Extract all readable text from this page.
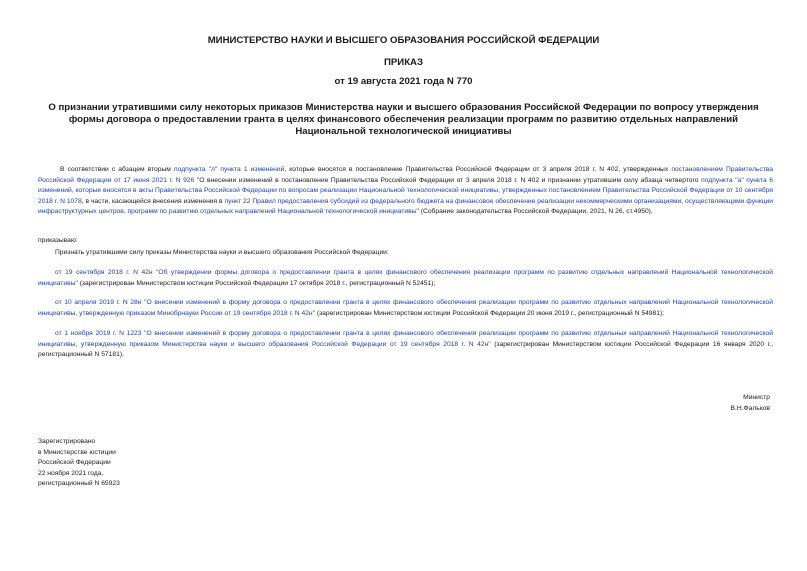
МИНИСТЕРСТВО НАУКИ И ВЫСШЕГО ОБРАЗОВАНИЯ РОССИЙСКОЙ ФЕДЕРАЦИИ
ПРИКАЗ
от 19 августа 2021 года N 770
О признании утратившими силу некоторых приказов Министерства науки и высшего образования Российской Федерации по вопросу утверждения формы договора о предоставлении гранта в целях финансового обеспечения реализации программ по развитию отдельных направлений Национальной технологической инициативы
В соответствии с абзацем вторым подпункта "л" пункта 1 изменений, которые вносятся в постановление Правительства Российской Федерации от 3 апреля 2018 г. N 402, утвержденных постановлением Правительства Российской Федерации от 17 июня 2021 г. N 926 "О внесении изменений в постановление Правительства Российской Федерации от 3 апреля 2018 г. N 402 и признании утратившим силу абзаца четвертого подпункта "а" пункта 6 изменений, которые вносятся в акты Правительства Российской Федерации по вопросам реализации Национальной технологической инициативы, утвержденных постановлением Правительства Российской Федерации от 10 сентября 2018 г. N 1078, в части, касающейся внесения изменения в пункт 22 Правил предоставления субсидий из федерального бюджета на финансовое обеспечение реализации некоммерческими организациями, осуществляющими функции инфраструктурных центров, программ по развитию отдельных направлений Национальной технологической инициативы" (Собрание законодательства Российской Федерации, 2021, N 26, ст.4950),
приказываю:
Признать утратившими силу приказы Министерства науки и высшего образования Российской Федерации:
от 19 сентября 2018 г. N 42н "Об утверждении формы договора о предоставлении гранта в целях финансового обеспечения реализации программ по развитию отдельных направлений Национальной технологической инициативы" (зарегистрирован Министерством юстиции Российской Федерации 17 октября 2018 г., регистрационный N 52451);
от 10 апреля 2019 г. N 28н "О внесении изменений в форму договора о предоставлении гранта в целях финансового обеспечения реализации программ по развитию отдельных направлений Национальной технологической инициативы, утвержденную приказом Минобрнауки России от 19 сентября 2018 г. N 42н" (зарегистрирован Министерством юстиции Российской Федерации 20 июня 2019 г., регистрационный N 54981);
от 1 ноября 2019 г. N 1223 "О внесении изменений в форму договора о предоставлении гранта в целях финансового обеспечения реализации программ по развитию отдельных направлений Национальной технологической инициативы, утвержденную приказом Министерства науки и высшего образования Российской Федерации от 19 сентября 2018 г. N 42н" (зарегистрирован Министерством юстиции Российской Федерации 16 января 2020 г., регистрационный N 57181).
Министр
В.Н.Фальков
Зарегистрировано
в Министерстве юстиции
Российской Федерации
22 ноября 2021 года,
регистрационный N 65923
